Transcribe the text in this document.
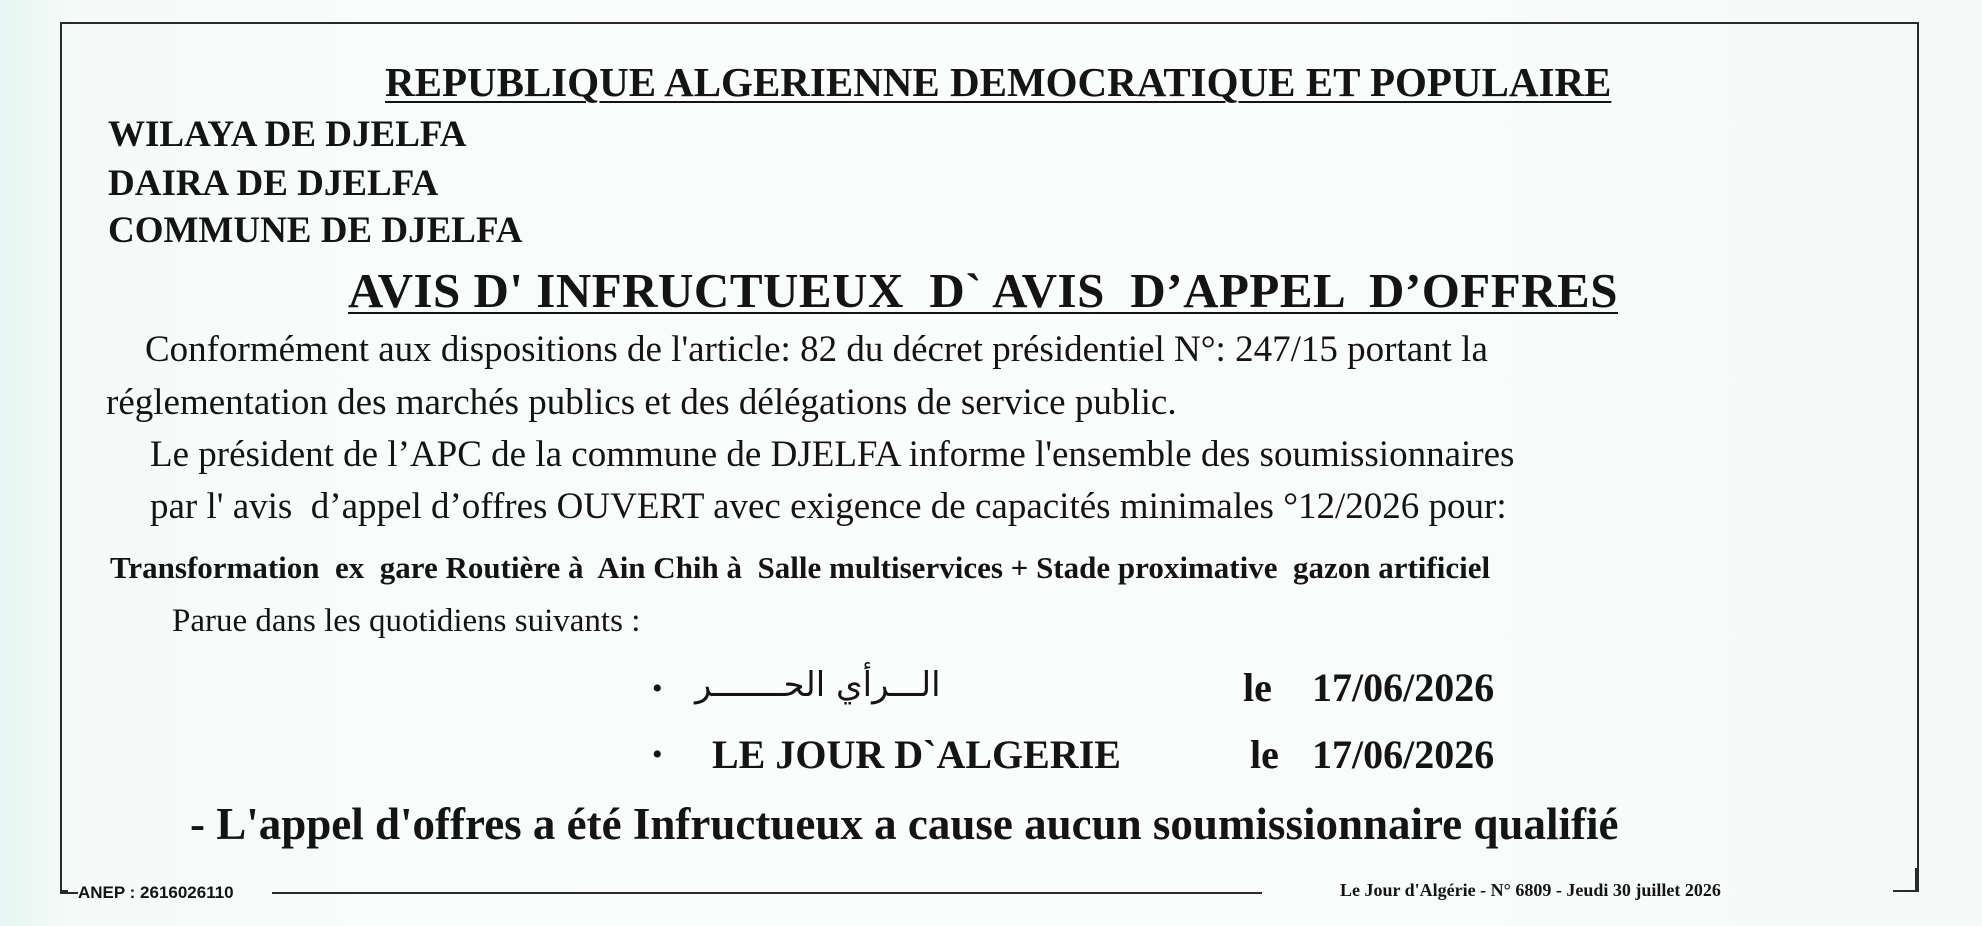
REPUBLIQUE ALGERIENNE DEMOCRATIQUE ET POPULAIRE
WILAYA DE DJELFA
DAIRA DE DJELFA
COMMUNE DE DJELFA
AVIS D' INFRUCTUEUX  D` AVIS  D’APPEL  D’OFFRES
Conformément aux dispositions de l'article: 82 du décret présidentiel N°: 247/15 portant la
réglementation des marchés publics et des délégations de service public.
Le président de l’APC de la commune de DJELFA informe l'ensemble des soumissionnaires
par l' avis  d’appel d’offres OUVERT avec exigence de capacités minimales °12/2026 pour:
Transformation  ex  gare Routière à  Ain Chih à  Salle multiservices + Stade proximative  gazon artificiel
Parue dans les quotidiens suivants :
• الـــرأي الحـــــــر	le 17/06/2026
• LE JOUR D`ALGERIE	le 17/06/2026
- L'appel d'offres a été Infructueux a cause aucun soumissionnaire qualifié
ANEP : 2616026110	Le Jour d'Algérie - N° 6809 - Jeudi 30 juillet 2026
